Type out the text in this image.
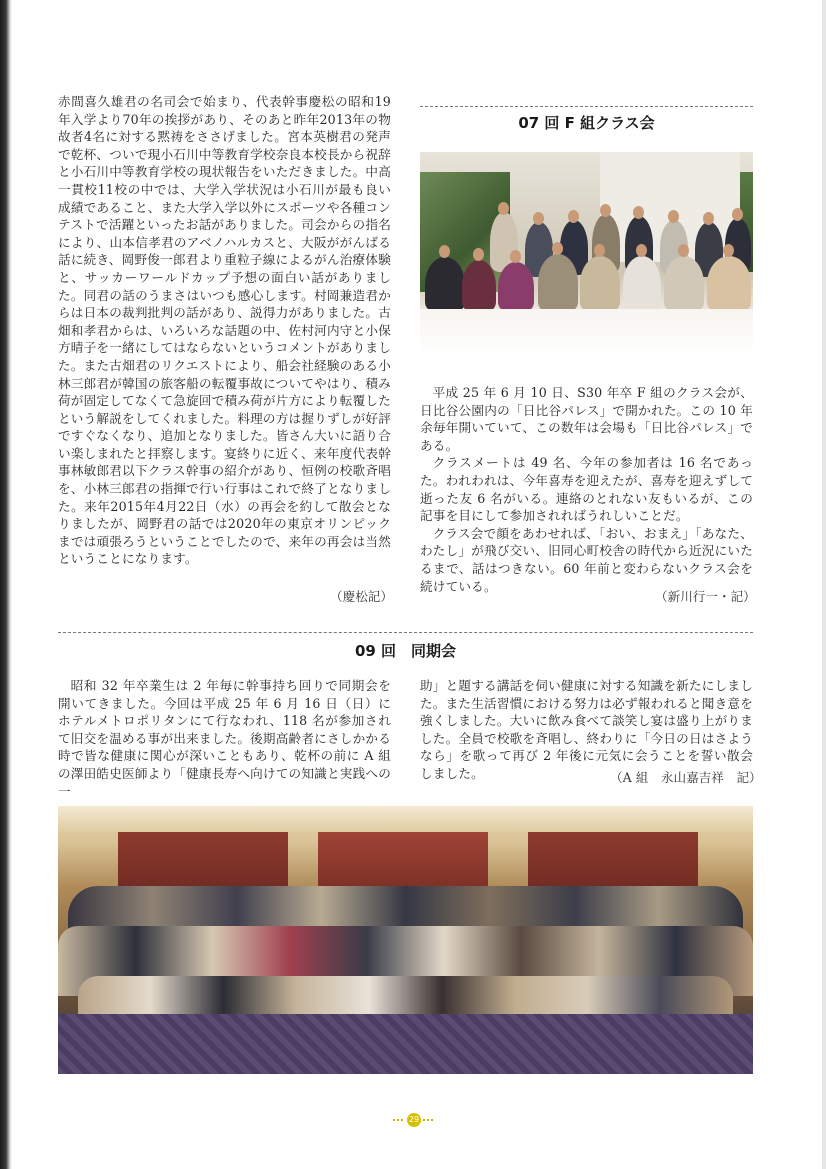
赤間喜久雄君の名司会で始まり、代表幹事慶松の昭和19年入学より70年の挨拶があり、そのあと昨年2013年の物故者4名に対する黙祷をささげました。宮本英樹君の発声で乾杯、ついで現小石川中等教育学校奈良本校長から祝辞と小石川中等教育学校の現状報告をいただきました。中高一貫校11校の中では、大学入学状況は小石川が最も良い成績であること、また大学入学以外にスポーツや各種コンテストで活躍といったお話がありました。司会からの指名により、山本信孝君のアベノハルカスと、大阪ががんばる話に続き、岡野俊一郎君より重粒子線によるがん治療体験と、サッカーワールドカップ予想の面白い話がありました。同君の話のうまさはいつも感心します。村岡兼造君からは日本の裁判批判の話があり、説得力がありました。古畑和孝君からは、いろいろな話題の中、佐村河内守と小保方晴子を一緒にしてはならないというコメントがありました。また古畑君のリクエストにより、船会社経験のある小林三郎君が韓国の旅客船の転覆事故についてやはり、積み荷が固定してなくて急旋回で積み荷が片方により転覆したという解説をしてくれました。料理の方は握りずしが好評ですぐなくなり、追加となりました。皆さん大いに語り合い楽しまれたと拝察します。宴終りに近く、来年度代表幹事林敏郎君以下クラス幹事の紹介があり、恒例の校歌斉唱を、小林三郎君の指揮で行い行事はこれで終了となりました。来年2015年4月22日（水）の再会を約して散会となりましたが、岡野君の話では2020年の東京オリンピックまでは頑張ろうということでしたので、来年の再会は当然ということになります。

（慶松記）
07 回 F 組クラス会

平成 25 年 6 月 10 日、S30 年卒 F 組のクラス会が、日比谷公園内の「日比谷パレス」で開かれた。この 10 年余毎年開いていて、この数年は会場も「日比谷パレス」である。

クラスメートは 49 名、今年の参加者は 16 名であった。われわれは、今年喜寿を迎えたが、喜寿を迎えずして逝った友 6 名がいる。連絡のとれない友もいるが、この記事を目にして参加されればうれしいことだ。

クラス会で顔をあわせれば、「おい、おまえ」「あなた、わたし」が飛び交い、旧同心町校舎の時代から近況にいたるまで、話はつきない。60 年前と変わらないクラス会を続けている。

（新川行一・記）
09 回　同期会

昭和 32 年卒業生は 2 年毎に幹事持ち回りで同期会を開いてきました。今回は平成 25 年 6 月 16 日（日）にホテルメトロポリタンにて行なわれ、118 名が参加されて旧交を温める事が出来ました。後期高齢者にさしかかる時で皆な健康に関心が深いこともあり、乾杯の前に A 組の澤田皓史医師より「健康長寿へ向けての知識と実践への一

助」と題する講話を伺い健康に対する知識を新たにしました。また生活習慣における努力は必ず報われると聞き意を強くしました。大いに飲み食べて談笑し宴は盛り上がりました。全員で校歌を斉唱し、終わりに「今日の日はさようなら」を歌って再び 2 年後に元気に会うことを誓い散会しました。	（A 組　永山嘉吉祥　記）
29
